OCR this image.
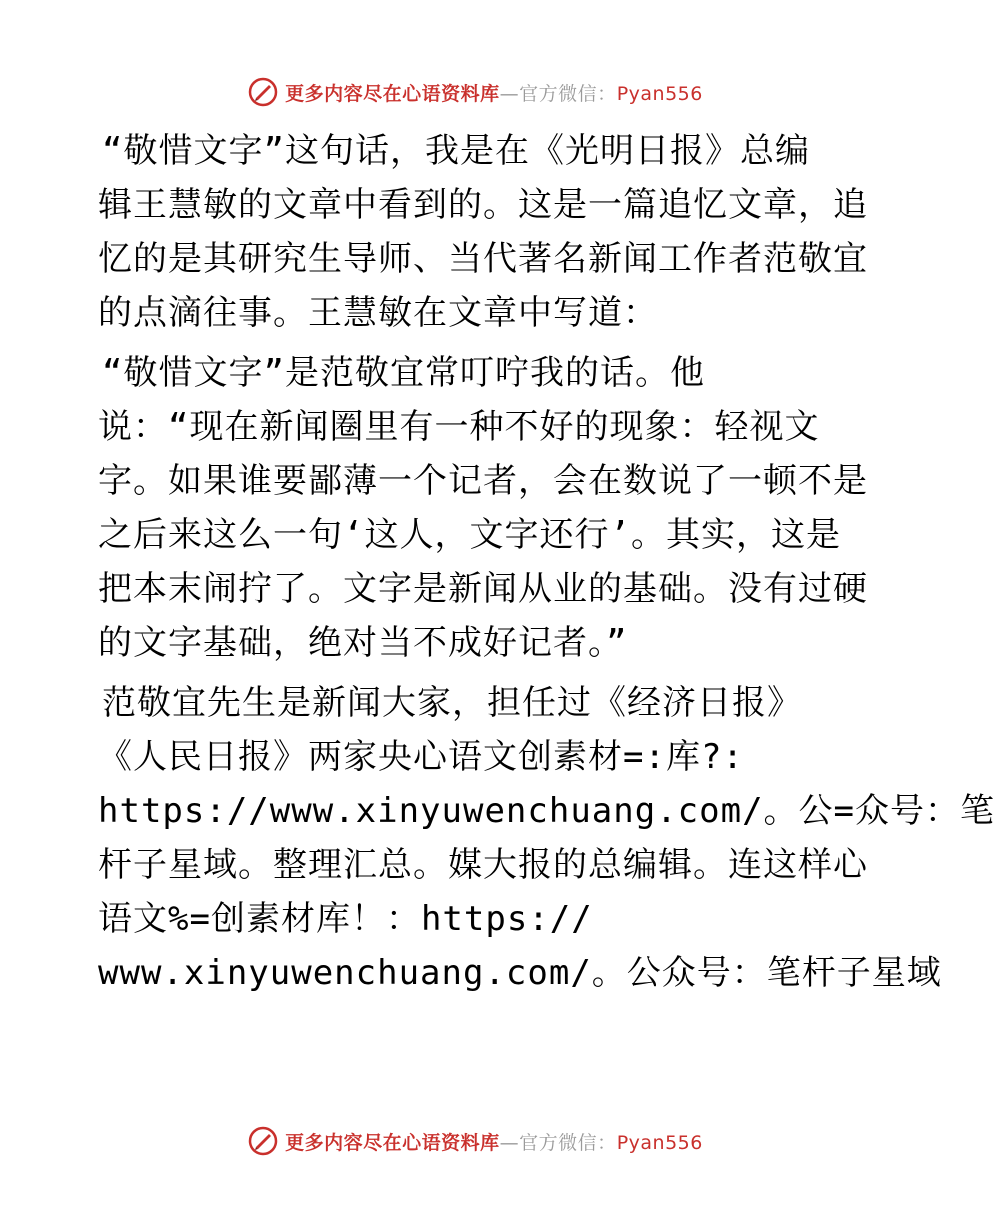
更多内容尽在心语资料库—官方微信：Pyan556
“敬惜文字”这句话，我是在《光明日报》总编
辑王慧敏的文章中看到的。这是一篇追忆文章，追
忆的是其研究生导师、当代著名新闻工作者范敬宜
的点滴往事。王慧敏在文章中写道：
“敬惜文字”是范敬宜常叮咛我的话。他
说：“现在新闻圈里有一种不好的现象：轻视文
字。如果谁要鄙薄一个记者，会在数说了一顿不是
之后来这么一句‘这人，文字还行’。其实，这是
把本末闹拧了。文字是新闻从业的基础。没有过硬
的文字基础，绝对当不成好记者。”
范敬宜先生是新闻大家，担任过《经济日报》
《人民日报》两家央心语文创素材=:库?:
https://www.xinyuwenchuang.com/。公=众号：笔
杆子星域。整理汇总。媒大报的总编辑。连这样心
语文%=创素材库！：https://
www.xinyuwenchuang.com/。公众号：笔杆子星域
更多内容尽在心语资料库—官方微信：Pyan556
